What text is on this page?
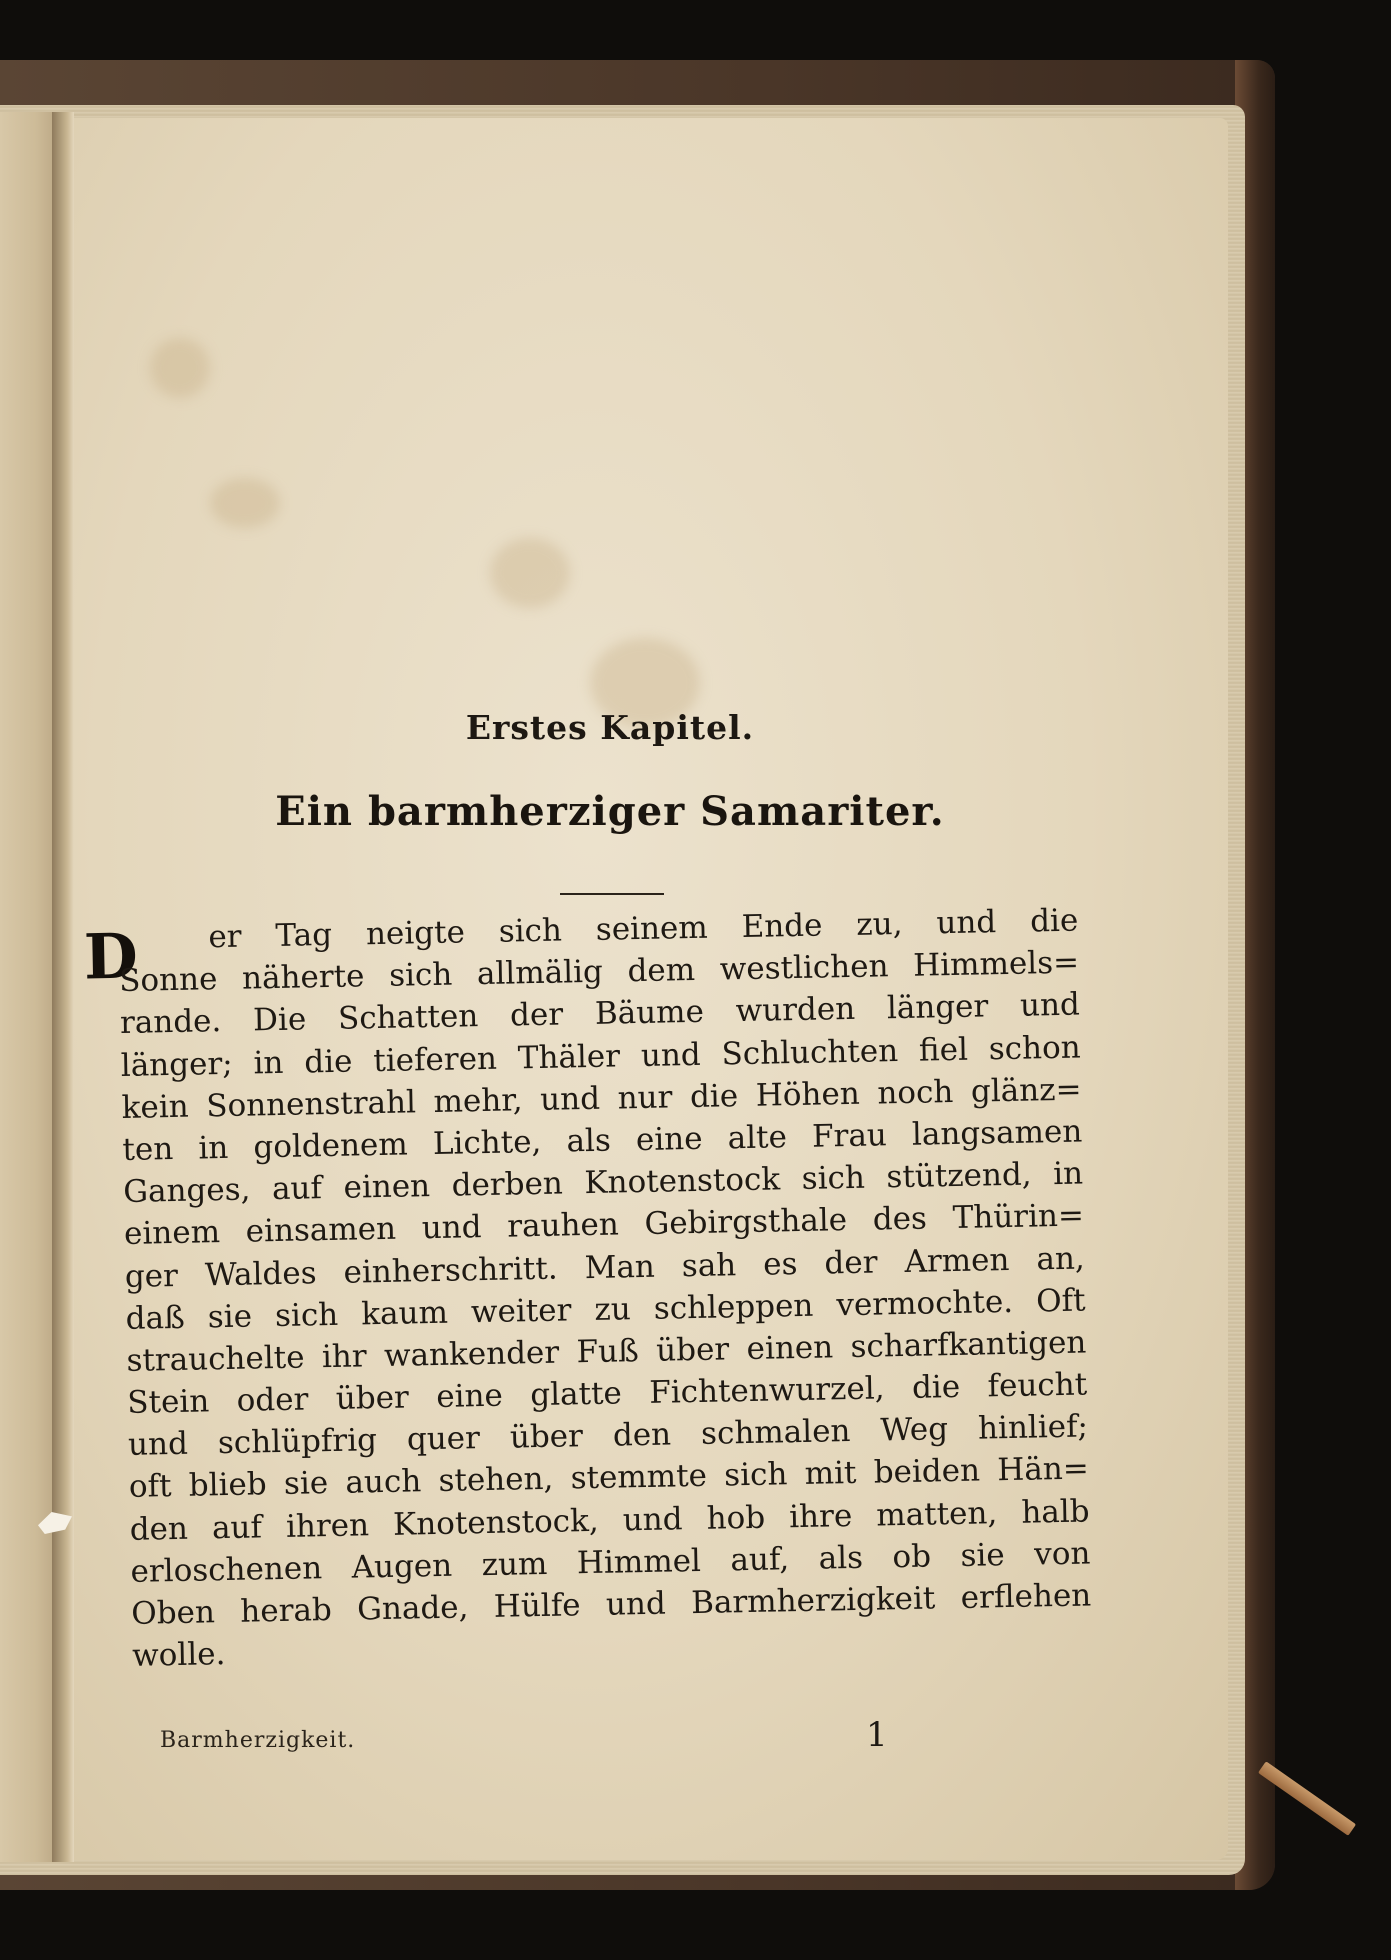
Erstes Kapitel.
Ein barmherziger Samariter.
D	er Tag neigte sich seinem Ende zu, und die
Sonne näherte sich allmälig dem westlichen Himmels=
rande. Die Schatten der Bäume wurden länger und
länger; in die tieferen Thäler und Schluchten fiel schon
kein Sonnenstrahl mehr, und nur die Höhen noch glänz=
ten in goldenem Lichte, als eine alte Frau langsamen
Ganges, auf einen derben Knotenstock sich stützend, in
einem einsamen und rauhen Gebirgsthale des Thürin=
ger Waldes einherschritt. Man sah es der Armen an,
daß sie sich kaum weiter zu schleppen vermochte. Oft
strauchelte ihr wankender Fuß über einen scharfkantigen
Stein oder über eine glatte Fichtenwurzel, die feucht
und schlüpfrig quer über den schmalen Weg hinlief;
oft blieb sie auch stehen, stemmte sich mit beiden Hän=
den auf ihren Knotenstock, und hob ihre matten, halb
erloschenen Augen zum Himmel auf, als ob sie von
Oben herab Gnade, Hülfe und Barmherzigkeit erflehen
wolle.
Barmherzigkeit.	1
